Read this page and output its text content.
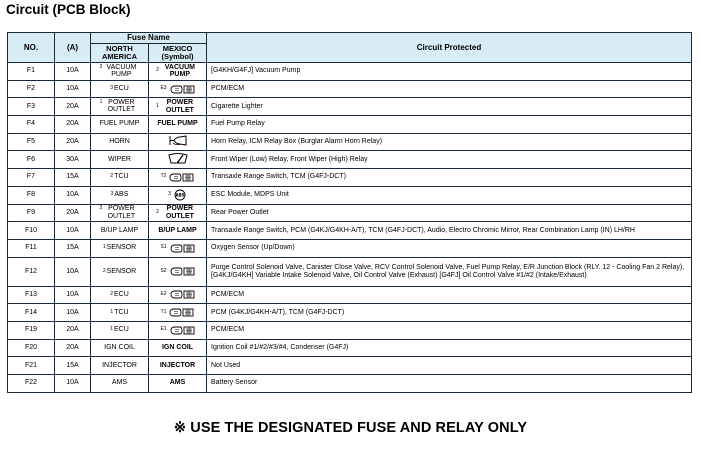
Circuit (PCB Block)
NO.	(A)	Fuse Name		Circuit Protected
		NORTH AMERICA	MEXICO (Symbol)	
F1	10A	$^2$ VACUUM PUMP	$^2$ VACUUM PUMP	[G4KH/G4FJ] Vacuum Pump
F2	10A	$^3$ECU	$^{E3}$	PCM/ECM
F3	20A	$^1$ POWER OUTLET	$^1$ POWER OUTLET	Cigarette Lighter
F4	20A	FUEL PUMP	FUEL PUMP	Fuel Pump Relay
F5	20A	HORN		Horn Relay, ICM Relay Box (Burglar Alarm Horn Relay)
F6	30A	WIPER		Front Wiper (Low) Relay, Front Wiper (High) Relay
F7	15A	$^2$TCU	$^{T2}$	Transaxle Range Switch, TCM (G4FJ-DCT)
F8	10A	$^3$ABS	$^3$ ABS	ESC Module, MDPS Unit
F9	20A	$^2$ POWER OUTLET	$^2$ POWER OUTLET	Rear Power Outlet
F10	10A	B/UP LAMP	B/UP LAMP	Transaxle Range Switch, PCM (G4KJ/G4KH-A/T), TCM (G4FJ-DCT), Audio, Electro Chromic Mirror, Rear Combination Lamp (IN) LH/RH
F11	15A	$^1$SENSOR	$^{S1}$	Oxygen Sensor (Up/Down)
F12	10A	$^2$SENSOR	$^{S2}$	Purge Control Solenoid Valve, Canister Close Valve, RCV Control Solenoid Valve, Fuel Pump Relay, E/R Junction Block (RLY. 12 - Cooling Fan 2 Relay), [G4KJ/G4KH] Variable Intake Solenoid Valve, Oil Control Valve (Exhaust) [G4FJ] Oil Control Valve #1/#2 (Intake/Exhaust)
F13	10A	$^2$ECU	$^{E2}$	PCM/ECM
F14	10A	$^1$TCU	$^{T1}$	PCM (G4KJ/G4KH-A/T), TCM (G4FJ-DCT)
F19	20A	$^1$ECU	$^{E1}$	PCM/ECM
F20	20A	IGN COIL	IGN COIL	Ignition Coil #1/#2/#3/#4, Condenser (G4FJ)
F21	15A	INJECTOR	INJECTOR	Not Used
F22	10A	AMS	AMS	Battery Sensor
※ USE THE DESIGNATED FUSE AND RELAY ONLY
